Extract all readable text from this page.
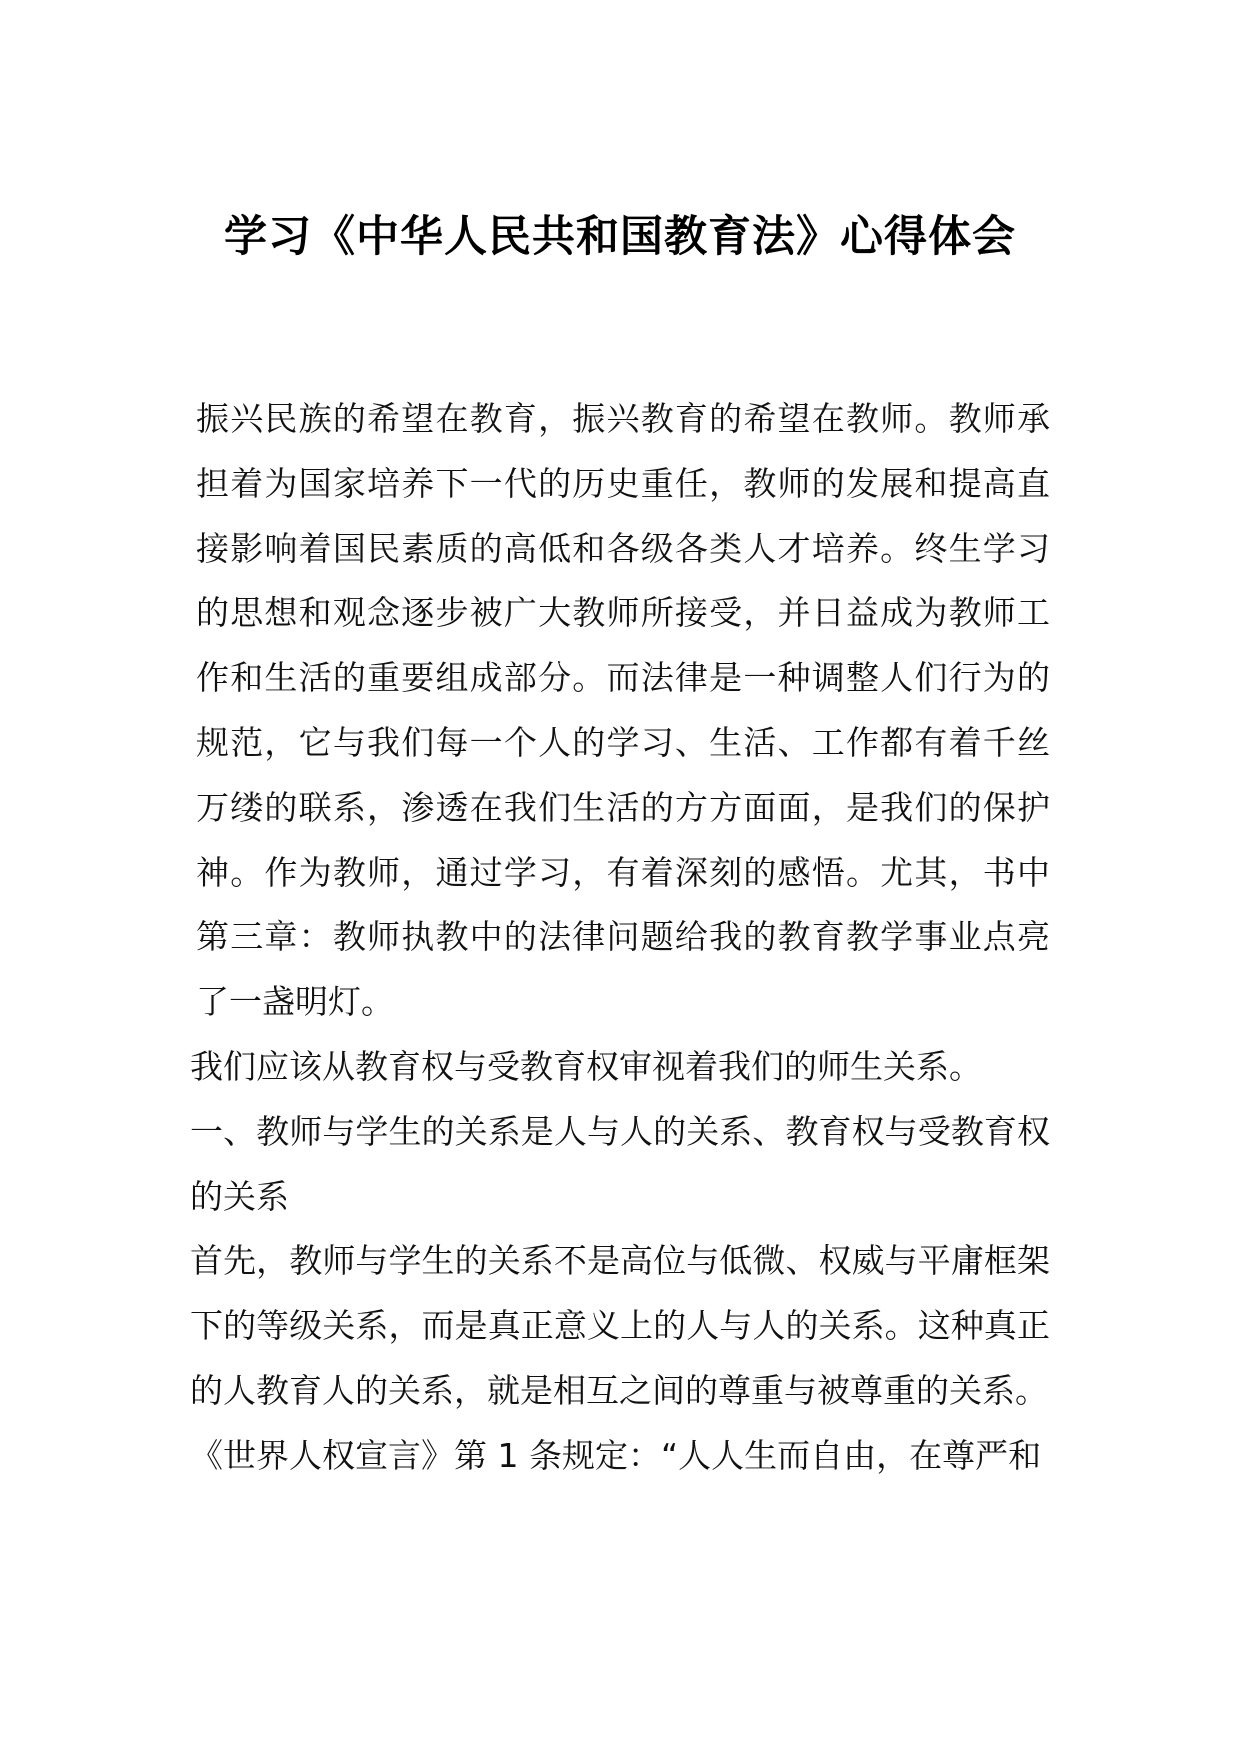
学习《中华人民共和国教育法》心得体会

振兴民族的希望在教育，振兴教育的希望在教师。教师承担着为国家培养下一代的历史重任，教师的发展和提高直接影响着国民素质的高低和各级各类人才培养。终生学习的思想和观念逐步被广大教师所接受，并日益成为教师工作和生活的重要组成部分。而法律是一种调整人们行为的规范，它与我们每一个人的学习、生活、工作都有着千丝万缕的联系，渗透在我们生活的方方面面，是我们的保护神。作为教师，通过学习，有着深刻的感悟。尤其，书中第三章：教师执教中的法律问题给我的教育教学事业点亮了一盏明灯。

我们应该从教育权与受教育权审视着我们的师生关系。

一、教师与学生的关系是人与人的关系、教育权与受教育权的关系

首先，教师与学生的关系不是高位与低微、权威与平庸框架下的等级关系，而是真正意义上的人与人的关系。这种真正的人教育人的关系，就是相互之间的尊重与被尊重的关系。

《世界人权宣言》第 1 条规定：“人人生而自由，在尊严和
